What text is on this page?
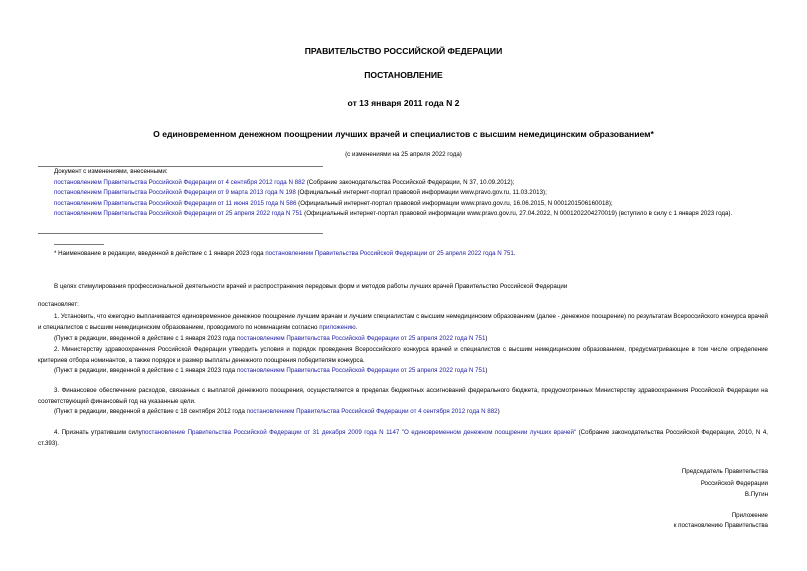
ПРАВИТЕЛЬСТВО РОССИЙСКОЙ ФЕДЕРАЦИИ
ПОСТАНОВЛЕНИЕ
от 13 января 2011 года N 2
О единовременном денежном поощрении лучших врачей и специалистов с высшим немедицинским образованием*
(с изменениями на 25 апреля 2022 года)
Документ с изменениями, внесенными:
постановлением Правительства Российской Федерации от 4 сентября 2012 года N 882 (Собрание законодательства Российской Федерации, N 37, 10.09.2012);
постановлением Правительства Российской Федерации от 9 марта 2013 года N 198 (Официальный интернет-портал правовой информации www.pravo.gov.ru, 11.03.2013);
постановлением Правительства Российской Федерации от 11 июня 2015 года N 586 (Официальный интернет-портал правовой информации www.pravo.gov.ru, 16.06.2015, N 0001201506160018);
постановлением Правительства Российской Федерации от 25 апреля 2022 года N 751 (Официальный интернет-портал правовой информации www.pravo.gov.ru, 27.04.2022, N 0001202204270019) (вступило в силу с 1 января 2023 года).
* Наименование в редакции, введенной в действие с 1 января 2023 года постановлением Правительства Российской Федерации от 25 апреля 2022 года N 751.
В целях стимулирования профессиональной деятельности врачей и распространения передовых форм и методов работы лучших врачей Правительство Российской Федерации
постановляет:
1. Установить, что ежегодно выплачивается единовременное денежное поощрение лучшим врачам и лучшим специалистам с высшим немедицинским образованием (далее - денежное поощрение) по результатам Всероссийского конкурса врачей и специалистов с высшим немедицинским образованием, проводимого по номинациям согласно приложению.
(Пункт в редакции, введенной в действие с 1 января 2023 года постановлением Правительства Российской Федерации от 25 апреля 2022 года N 751)
2. Министерству здравоохранения Российской Федерации утвердить условия и порядок проведения Всероссийского конкурса врачей и специалистов с высшим немедицинским образованием, предусматривающие в том числе определение критериев отбора номинантов, а также порядок и размер выплаты денежного поощрения победителям конкурса.
(Пункт в редакции, введенной в действие с 1 января 2023 года постановлением Правительства Российской Федерации от 25 апреля 2022 года N 751)
3. Финансовое обеспечение расходов, связанных с выплатой денежного поощрения, осуществляется в пределах бюджетных ассигнований федерального бюджета, предусмотренных Министерству здравоохранения Российской Федерации на соответствующий финансовый год на указанные цели.
(Пункт в редакции, введенной в действие с 18 сентября 2012 года постановлением Правительства Российской Федерации от 4 сентября 2012 года N 882)
4. Признать утратившим силупостановление Правительства Российской Федерации от 31 декабря 2009 года N 1147 "О единовременном денежном поощрении лучших врачей" (Собрание законодательства Российской Федерации, 2010, N 4, ст.393).
Председатель Правительства
Российской Федерации
В.Путин
Приложение
к постановлению Правительства
